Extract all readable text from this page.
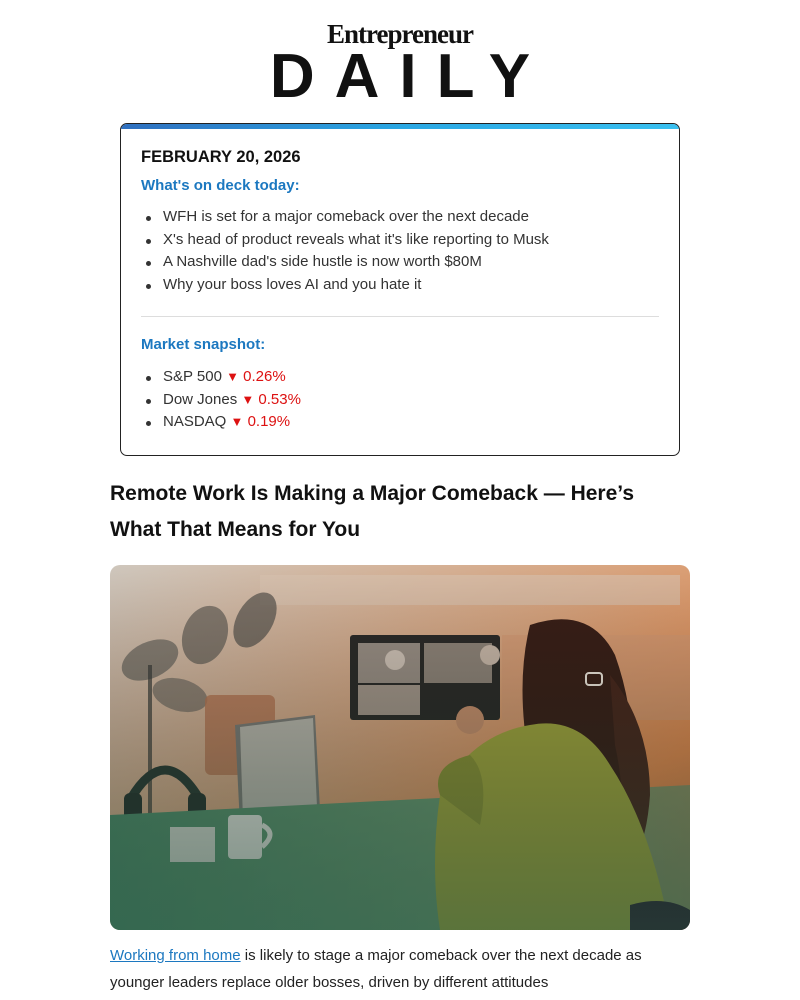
Entrepreneur
DAILY
FEBRUARY 20, 2026
What's on deck today:
WFH is set for a major comeback over the next decade
X's head of product reveals what it's like reporting to Musk
A Nashville dad's side hustle is now worth $80M
Why your boss loves AI and you hate it
Market snapshot:
S&P 500 ▼ 0.26%
Dow Jones ▼ 0.53%
NASDAQ ▼ 0.19%
Remote Work Is Making a Major Comeback — Here’s What That Means for You
Working from home is likely to stage a major comeback over the next decade as younger leaders replace older bosses, driven by different attitudes
